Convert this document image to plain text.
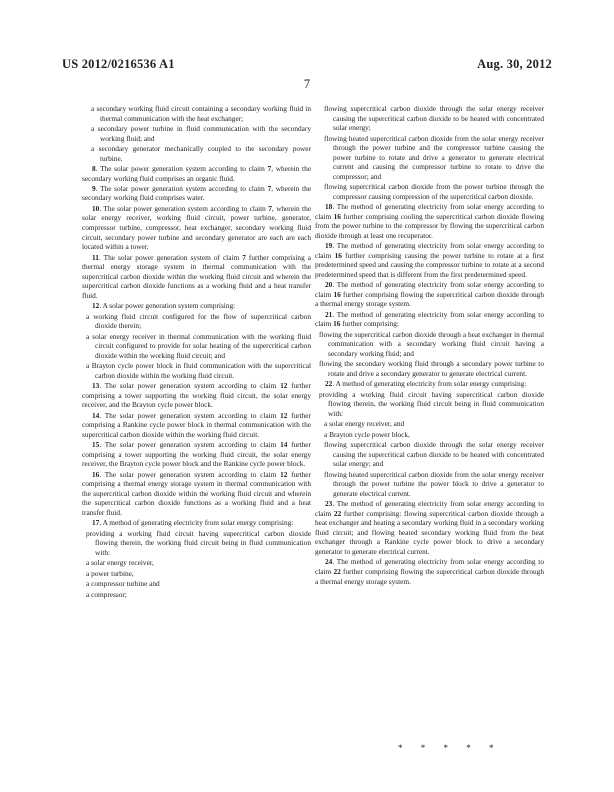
US 2012/0216536 A1	Aug. 30, 2012
7

a secondary working fluid circuit containing a secondary working fluid in thermal communication with the heat exchanger;

a secondary power turbine in fluid communication with the secondary working fluid; and

a secondary generator mechanically coupled to the secondary power turbine.

8. The solar power generation system according to claim 7, wherein the secondary working fluid comprises an organic fluid.

9. The solar power generation system according to claim 7, wherein the secondary working fluid comprises water.

10. The solar power generation system according to claim 7, wherein the solar energy receiver, working fluid circuit, power turbine, generator, compressor turbine, compressor, heat exchanger, secondary working fluid circuit, secondary power turbine and secondary generator are each are each located within a tower.

11. The solar power generation system of claim 7 further comprising a thermal energy storage system in thermal communication with the supercritical carbon dioxide within the working fluid circuit and wherein the supercritical carbon dioxide functions as a working fluid and a heat transfer fluid.

12. A solar power generation system comprising:

a working fluid circuit configured for the flow of supercritical carbon dioxide therein;

a solar energy receiver in thermal communication with the working fluid circuit configured to provide for solar heating of the supercritical carbon dioxide within the working fluid circuit; and

a Brayton cycle power block in fluid communication with the supercritical carbon dioxide within the working fluid circuit.

13. The solar power generation system according to claim 12 further comprising a tower supporting the working fluid circuit, the solar energy receiver, and the Brayton cycle power block.

14. The solar power generation system according to claim 12 further comprising a Rankine cycle power block in thermal communication with the supercritical carbon dioxide within the working fluid circuit.

15. The solar power generation system according to claim 14 further comprising a tower supporting the working fluid circuit, the solar energy receiver, the Brayton cycle power block and the Rankine cycle power block.

16. The solar power generation system according to claim 12 further comprising a thermal energy storage system in thermal communication with the supercritical carbon dioxide within the working fluid circuit and wherein the supercritical carbon dioxide functions as a working fluid and a heat transfer fluid.

17. A method of generating electricity from solar energy comprising:

providing a working fluid circuit having supercritical carbon dioxide flowing therein, the working fluid circuit being in fluid communication with:

a solar energy receiver,

a power turbine,

a compressor turbine and

a compressor;

flowing supercritical carbon dioxide through the solar energy receiver causing the supercritical carbon dioxide to be heated with concentrated solar energy;

flowing heated supercritical carbon dioxide from the solar energy receiver through the power turbine and the compressor turbine causing the power turbine to rotate and drive a generator to generate electrical current and causing the compressor turbine to rotate to drive the compressor; and

flowing supercritical carbon dioxide from the power turbine through the compressor causing compression of the supercritical carbon dioxide.

18. The method of generating electricity from solar energy according to claim 16 further comprising cooling the supercritical carbon dioxide flowing from the power turbine to the compressor by flowing the supercritical carbon dioxide through at least one recuperator.

19. The method of generating electricity from solar energy according to claim 16 further comprising causing the power turbine to rotate at a first predetermined speed and causing the compressor turbine to rotate at a second predetermined speed that is different from the first predetermined speed.

20. The method of generating electricity from solar energy according to claim 16 further comprising flowing the supercritical carbon dioxide through a thermal energy storage system.

21. The method of generating electricity from solar energy according to claim 16 further comprising:

flowing the supercritical carbon dioxide through a heat exchanger in thermal communication with a secondary working fluid circuit having a secondary working fluid; and

flowing the secondary working fluid through a secondary power turbine to rotate and drive a secondary generator to generate electrical current.

22. A method of generating electricity from solar energy comprising:

providing a working fluid circuit having supercritical carbon dioxide flowing therein, the working fluid circuit being in fluid communication with:

a solar energy receiver, and

a Brayton cycle power block,

flowing supercritical carbon dioxide through the solar energy receiver causing the supercritical carbon dioxide to be heated with concentrated solar energy; and

flowing heated supercritical carbon dioxide from the solar energy receiver through the power turbine the power block to drive a generator to generate electrical current.

23. The method of generating electricity from solar energy according to claim 22 further comprising: flowing supercritical carbon dioxide through a heat exchanger and heating a secondary working fluid in a secondary working fluid circuit; and flowing heated secondary working fluid from the heat exchanger through a Rankine cycle power block to drive a secondary generator to generate electrical current.

24. The method of generating electricity from solar energy according to claim 22 further comprising flowing the supercritical carbon dioxide through a thermal energy storage system.

* * * * *
